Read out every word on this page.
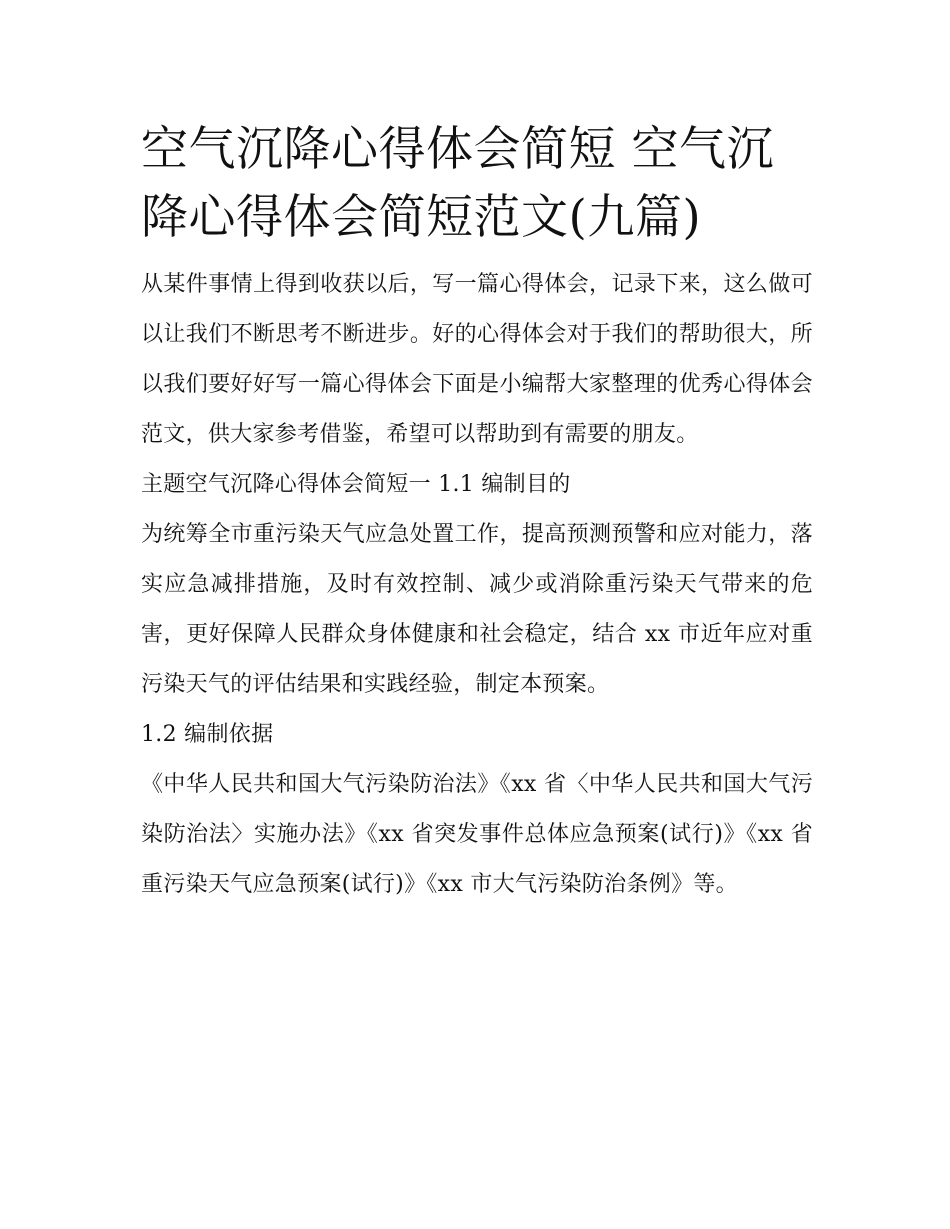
空气沉降心得体会简短 空气沉降心得体会简短范文(九篇)

从某件事情上得到收获以后，写一篇心得体会，记录下来，这么做可以让我们不断思考不断进步。好的心得体会对于我们的帮助很大，所以我们要好好写一篇心得体会下面是小编帮大家整理的优秀心得体会范文，供大家参考借鉴，希望可以帮助到有需要的朋友。

主题空气沉降心得体会简短一 1.1 编制目的

为统筹全市重污染天气应急处置工作，提高预测预警和应对能力，落实应急减排措施，及时有效控制、减少或消除重污染天气带来的危害，更好保障人民群众身体健康和社会稳定，结合 xx 市近年应对重污染天气的评估结果和实践经验，制定本预案。

1.2 编制依据

《中华人民共和国大气污染防治法》《xx 省〈中华人民共和国大气污染防治法〉实施办法》《xx 省突发事件总体应急预案(试行)》《xx 省重污染天气应急预案(试行)》《xx 市大气污染防治条例》等。
